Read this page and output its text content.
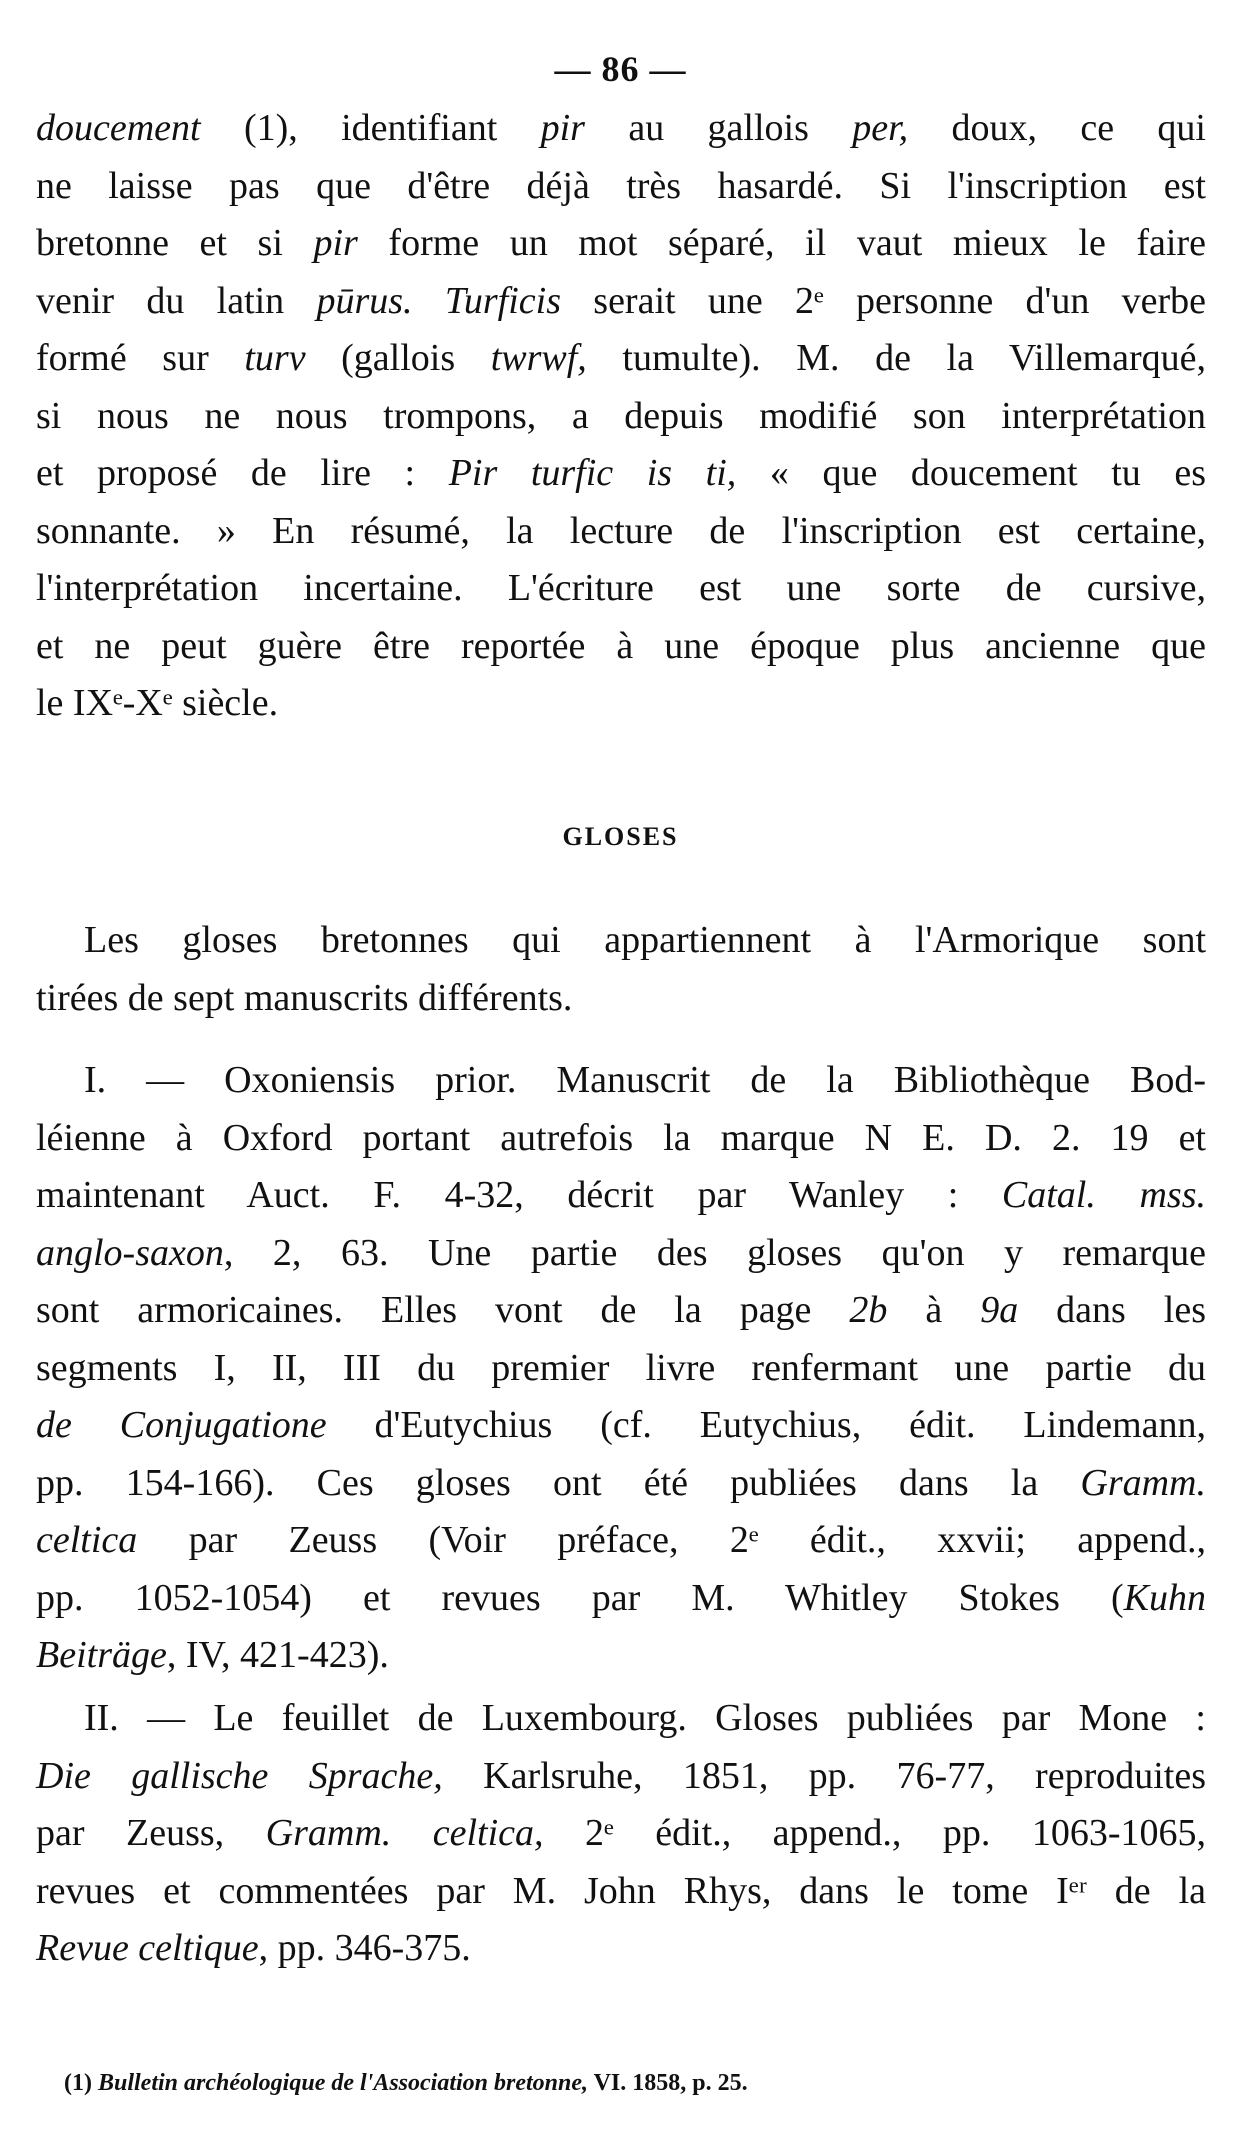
— 86 —

doucement (1), identifiant pir au gallois per, doux, ce qui
ne laisse pas que d'être déjà très hasardé. Si l'inscription est
bretonne et si pir forme un mot séparé, il vaut mieux le faire
venir du latin pūrus. Turficis serait une 2ᵉ personne d'un verbe
formé sur turv (gallois twrwf, tumulte). M. de la Villemarqué,
si nous ne nous trompons, a depuis modifié son interprétation
et proposé de lire : Pir turfic is ti, « que doucement tu es
sonnante. » En résumé, la lecture de l'inscription est certaine,
l'interprétation incertaine. L'écriture est une sorte de cursive,
et ne peut guère être reportée à une époque plus ancienne que
le IXᵉ-Xᵉ siècle.

GLOSES

Les gloses bretonnes qui appartiennent à l'Armorique sont
tirées de sept manuscrits différents.

I. — Oxoniensis prior. Manuscrit de la Bibliothèque Bod-
léienne à Oxford portant autrefois la marque N E. D. 2. 19 et
maintenant Auct. F. 4-32, décrit par Wanley : Catal. mss.
anglo-saxon, 2, 63. Une partie des gloses qu'on y remarque
sont armoricaines. Elles vont de la page 2b à 9a dans les
segments I, II, III du premier livre renfermant une partie du
de Conjugatione d'Eutychius (cf. Eutychius, édit. Lindemann,
pp. 154-166). Ces gloses ont été publiées dans la Gramm.
celtica par Zeuss (Voir préface, 2ᵉ édit., xxvii; append.,
pp. 1052-1054) et revues par M. Whitley Stokes (Kuhn
Beiträge, IV, 421-423).

II. — Le feuillet de Luxembourg. Gloses publiées par Mone :
Die gallische Sprache, Karlsruhe, 1851, pp. 76-77, reproduites
par Zeuss, Gramm. celtica, 2ᵉ édit., append., pp. 1063-1065,
revues et commentées par M. John Rhys, dans le tome Iᵉʳ de la
Revue celtique, pp. 346-375.

(1) Bulletin archéologique de l'Association bretonne, VI. 1858, p. 25.
